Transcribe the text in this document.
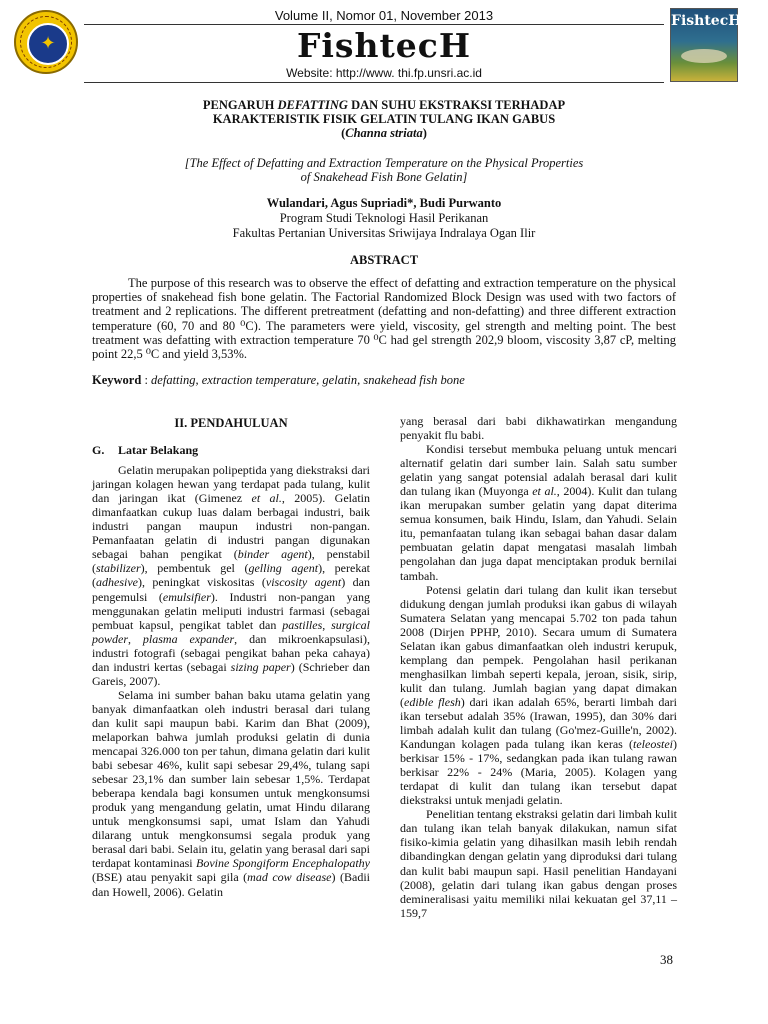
✦
Volume II, Nomor 01, November 2013
FishtecH
Website: http://www. thi.fp.unsri.ac.id
FishtecH
PENGARUH DEFATTING DAN SUHU EKSTRAKSI TERHADAP
KARAKTERISTIK FISIK GELATIN TULANG IKAN GABUS
(Channa striata)
[The Effect of Defatting and Extraction Temperature on the Physical Properties
of Snakehead Fish Bone Gelatin]
Wulandari, Agus Supriadi*, Budi Purwanto
Program Studi Teknologi Hasil Perikanan
Fakultas Pertanian Universitas Sriwijaya Indralaya Ogan Ilir
ABSTRACT

The purpose of this research was to observe the effect of defatting and extraction temperature on the physical properties of snakehead fish bone gelatin. The Factorial Randomized Block Design was used with two factors of treatment and 2 replications. The different pretreatment (defatting and non-defatting) and three different extraction temperature (60, 70 and 80 ⁰C). The parameters were yield, viscosity, gel strength and melting point. The best treatment was defatting with extraction temperature 70 ⁰C had gel strength 202,9 bloom, viscosity 3,87 cP, melting point 22,5 ⁰C and yield 3,53%.

Keyword : defatting, extraction temperature, gelatin, snakehead fish bone
II. PENDAHULUAN
G. Latar Belakang

Gelatin merupakan polipeptida yang diekstraksi dari jaringan kolagen hewan yang terdapat pada tulang, kulit dan jaringan ikat (Gimenez et al., 2005). Gelatin dimanfaatkan cukup luas dalam berbagai industri, baik industri pangan maupun industri non-pangan. Pemanfaatan gelatin di industri pangan digunakan sebagai bahan pengikat (binder agent), penstabil (stabilizer), pembentuk gel (gelling agent), perekat (adhesive), peningkat viskositas (viscosity agent) dan pengemulsi (emulsifier). Industri non-pangan yang menggunakan gelatin meliputi industri farmasi (sebagai pembuat kapsul, pengikat tablet dan pastilles, surgical powder, plasma expander, dan mikroenkapsulasi), industri fotografi (sebagai pengikat bahan peka cahaya) dan industri kertas (sebagai sizing paper) (Schrieber dan Gareis, 2007).

Selama ini sumber bahan baku utama gelatin yang banyak dimanfaatkan oleh industri berasal dari tulang dan kulit sapi maupun babi. Karim dan Bhat (2009), melaporkan bahwa jumlah produksi gelatin di dunia mencapai 326.000 ton per tahun, dimana gelatin dari kulit babi sebesar 46%, kulit sapi sebesar 29,4%, tulang sapi sebesar 23,1% dan sumber lain sebesar 1,5%. Terdapat beberapa kendala bagi konsumen untuk mengkonsumsi produk yang mengandung gelatin, umat Hindu dilarang untuk mengkonsumsi sapi, umat Islam dan Yahudi dilarang untuk mengkonsumsi segala produk yang berasal dari babi. Selain itu, gelatin yang berasal dari sapi terdapat kontaminasi Bovine Spongiform Encephalopathy (BSE) atau penyakit sapi gila (mad cow disease) (Badii dan Howell, 2006). Gelatin

yang berasal dari babi dikhawatirkan mengandung penyakit flu babi.

Kondisi tersebut membuka peluang untuk mencari alternatif gelatin dari sumber lain. Salah satu sumber gelatin yang sangat potensial adalah berasal dari kulit dan tulang ikan (Muyonga et al., 2004). Kulit dan tulang ikan merupakan sumber gelatin yang dapat diterima semua konsumen, baik Hindu, Islam, dan Yahudi. Selain itu, pemanfaatan tulang ikan sebagai bahan dasar dalam pembuatan gelatin dapat mengatasi masalah limbah pengolahan dan juga dapat menciptakan produk bernilai tambah.

Potensi gelatin dari tulang dan kulit ikan tersebut didukung dengan jumlah produksi ikan gabus di wilayah Sumatera Selatan yang mencapai 5.702 ton pada tahun 2008 (Dirjen PPHP, 2010). Secara umum di Sumatera Selatan ikan gabus dimanfaatkan oleh industri kerupuk, kemplang dan pempek. Pengolahan hasil perikanan menghasilkan limbah seperti kepala, jeroan, sisik, sirip, kulit dan tulang. Jumlah bagian yang dapat dimakan (edible flesh) dari ikan adalah 65%, berarti limbah dari ikan tersebut adalah 35% (Irawan, 1995), dan 30% dari limbah adalah kulit dan tulang (Go'mez-Guille'n, 2002). Kandungan kolagen pada tulang ikan keras (teleostei) berkisar 15% - 17%, sedangkan pada ikan tulang rawan berkisar 22% - 24% (Maria, 2005). Kolagen yang terdapat di kulit dan tulang ikan tersebut dapat diekstraksi untuk menjadi gelatin.

Penelitian tentang ekstraksi gelatin dari limbah kulit dan tulang ikan telah banyak dilakukan, namun sifat fisiko-kimia gelatin yang dihasilkan masih lebih rendah dibandingkan dengan gelatin yang diproduksi dari tulang dan kulit babi maupun sapi. Hasil penelitian Handayani (2008), gelatin dari tulang ikan gabus dengan proses demineralisasi yaitu memiliki nilai kekuatan gel 37,11 – 159,7

38
